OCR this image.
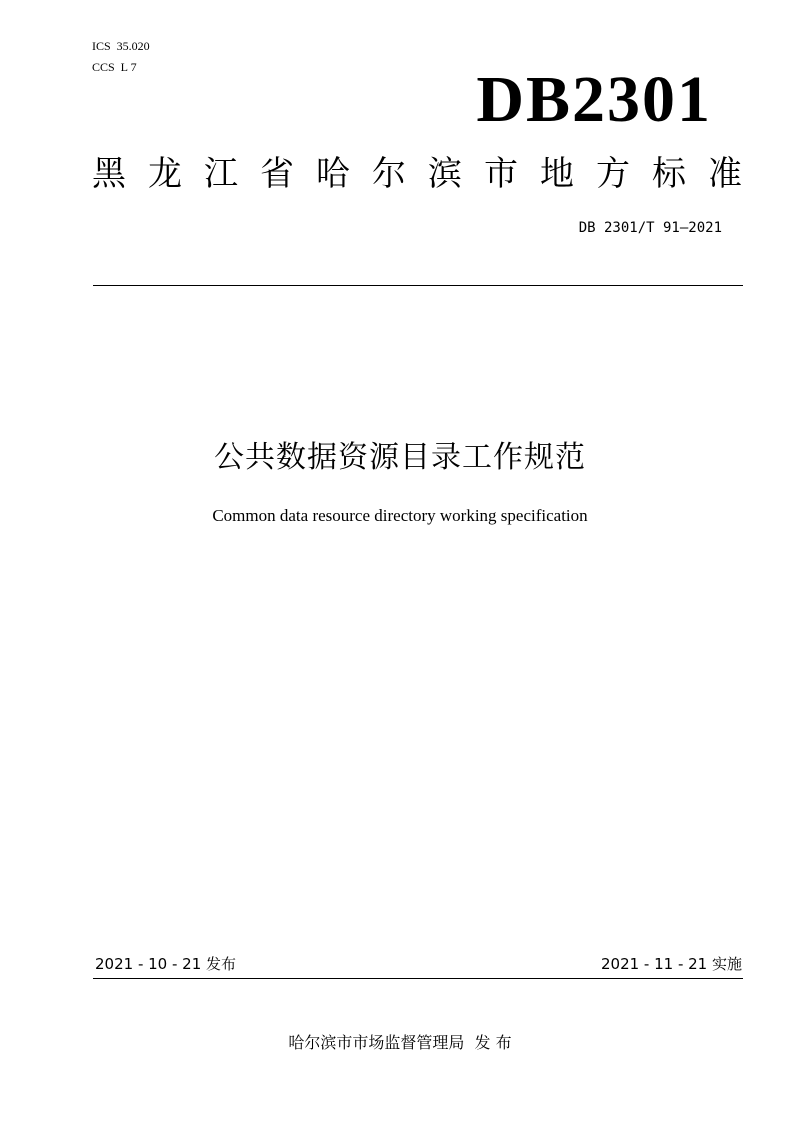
ICS  35.020
CCS  L 7	DB2301
黑龙江省哈尔滨市地方标准
DB 2301/T 91—2021
公共数据资源目录工作规范
Common data resource directory working specification
2021 - 10 - 21 发布	2021 - 11 - 21 实施
哈尔滨市市场监督管理局  发 布
